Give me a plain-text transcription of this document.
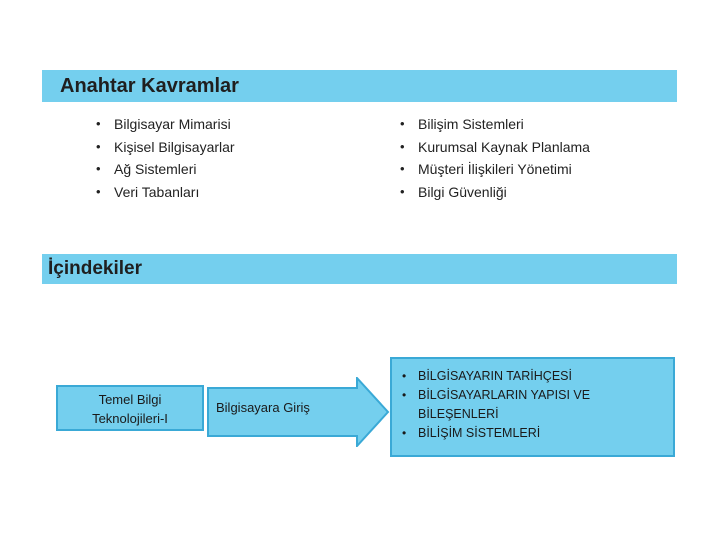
Anahtar Kavramlar
• Bilgisayar Mimarisi
• Kişisel Bilgisayarlar
• Ağ Sistemleri
• Veri Tabanları
• Bilişim Sistemleri
• Kurumsal Kaynak Planlama
• Müşteri İlişkileri Yönetimi
• Bilgi Güvenliği
İçindekiler
Temel Bilgi
Teknolojileri-I
Bilgisayara Giriş
• BİLGİSAYARIN TARİHÇESİ
• BİLGİSAYARLARIN YAPISI VE BİLEŞENLERİ
• BİLİŞİM SİSTEMLERİ
